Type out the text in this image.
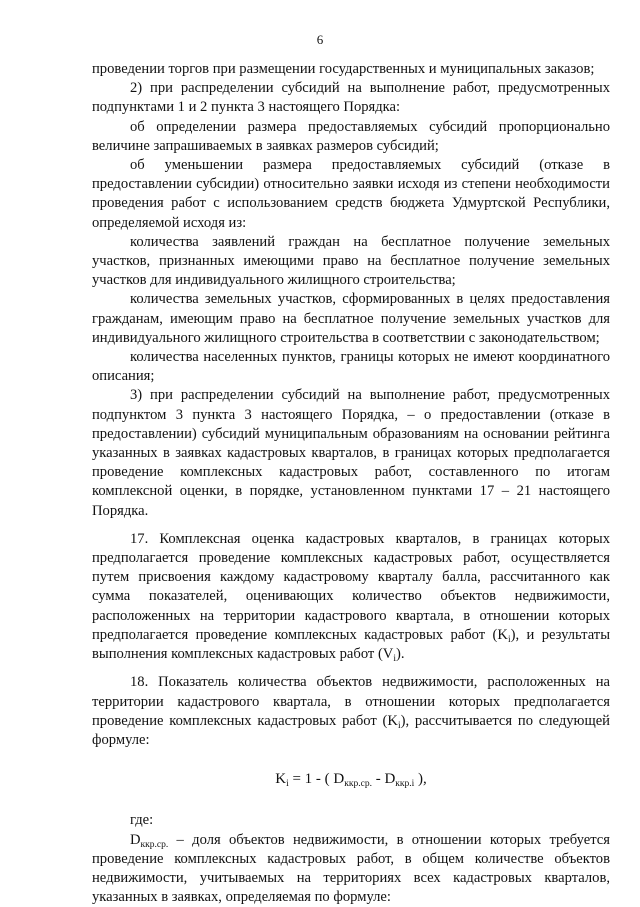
6

проведении торгов при размещении государственных и муниципальных заказов;

2) при распределении субсидий на выполнение работ, предусмотренных подпунктами 1 и 2 пункта 3 настоящего Порядка:

об определении размера предоставляемых субсидий пропорционально величине запрашиваемых в заявках размеров субсидий;

об уменьшении размера предоставляемых субсидий (отказе в предоставлении субсидии) относительно заявки исходя из степени необходимости проведения работ с использованием средств бюджета Удмуртской Республики, определяемой исходя из:

количества заявлений граждан на бесплатное получение земельных участков, признанных имеющими право на бесплатное получение земельных участков для индивидуального жилищного строительства;

количества земельных участков, сформированных в целях предоставления гражданам, имеющим право на бесплатное получение земельных участков для индивидуального жилищного строительства в соответствии с законодательством;

количества населенных пунктов, границы которых не имеют координатного описания;

3) при распределении субсидий на выполнение работ, предусмотренных подпунктом 3 пункта 3 настоящего Порядка, – о предоставлении (отказе в предоставлении) субсидий муниципальным образованиям на основании рейтинга указанных в заявках кадастровых кварталов, в границах которых предполагается проведение комплексных кадастровых работ, составленного по итогам комплексной оценки, в порядке, установленном пунктами 17 – 21 настоящего Порядка.

17. Комплексная оценка кадастровых кварталов, в границах которых предполагается проведение комплексных кадастровых работ, осуществляется путем присвоения каждому кадастровому кварталу балла, рассчитанного как сумма показателей, оценивающих количество объектов недвижимости, расположенных на территории кадастрового квартала, в отношении которых предполагается проведение комплексных кадастровых работ $(K_i)$, и результаты выполнения комплексных кадастровых работ $(V_i)$.

18. Показатель количества объектов недвижимости, расположенных на территории кадастрового квартала, в отношении которых предполагается проведение комплексных кадастровых работ $(K_i)$, рассчитывается по следующей формуле:

$K_i = 1$ - ( $D_{ккр.ср.} - D_{ккр.i}$ ),

где:

$D_{ккр.ср.}$ – доля объектов недвижимости, в отношении которых требуется проведение комплексных кадастровых работ, в общем количестве объектов недвижимости, учитываемых на территориях всех кадастровых кварталов, указанных в заявках, определяемая по формуле:
